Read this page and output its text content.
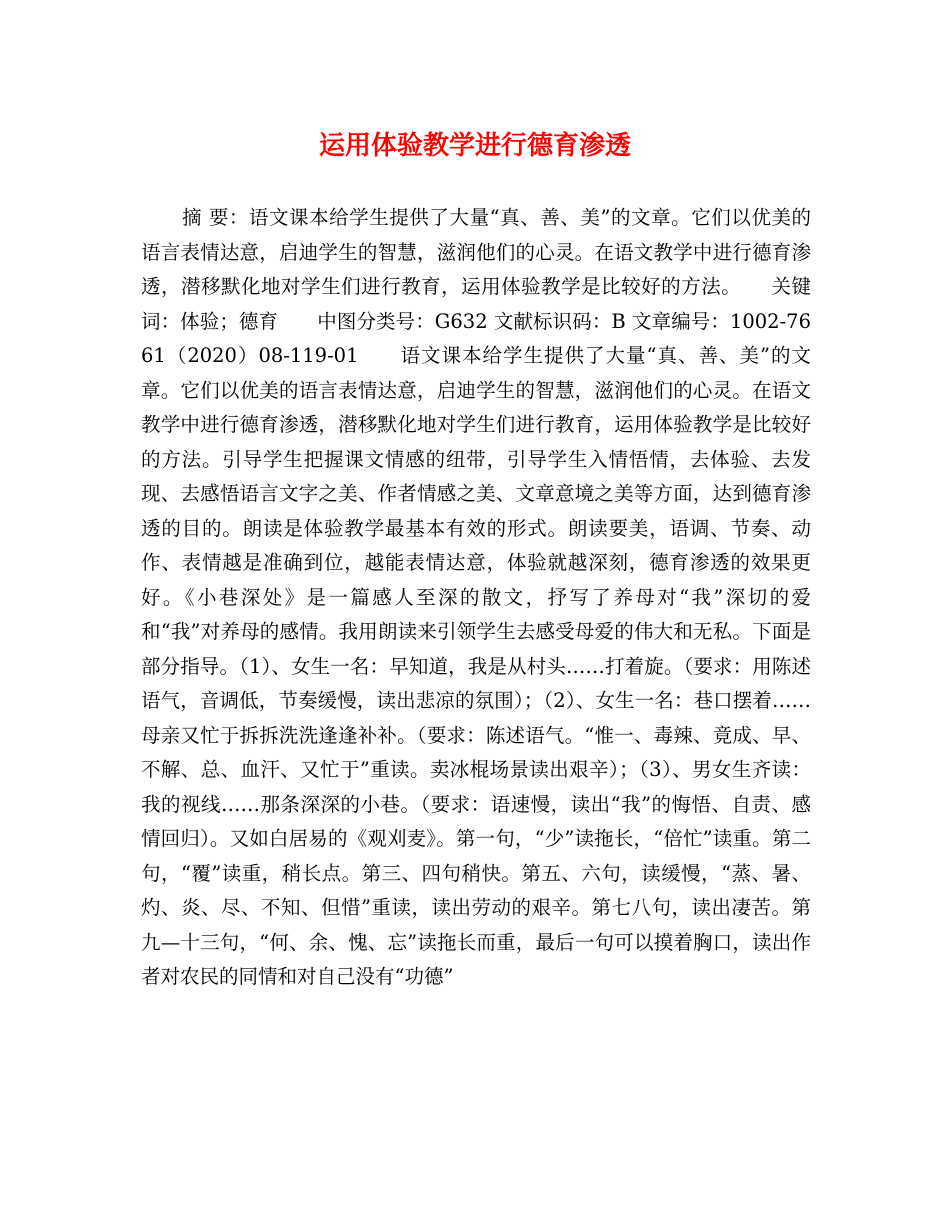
运用体验教学进行德育渗透

摘 要：语文课本给学生提供了大量“真、善、美”的文章。它们以优美的语言表情达意，启迪学生的智慧，滋润他们的心灵。在语文教学中进行德育渗透，潜移默化地对学生们进行教育，运用体验教学是比较好的方法。　　关键词：体验；德育　　中图分类号：G632 文献标识码：B 文章编号：1002-7661（2020）08-119-01　　语文课本给学生提供了大量“真、善、美”的文章。它们以优美的语言表情达意，启迪学生的智慧，滋润他们的心灵。在语文教学中进行德育渗透，潜移默化地对学生们进行教育，运用体验教学是比较好的方法。引导学生把握课文情感的纽带，引导学生入情悟情，去体验、去发现、去感悟语言文字之美、作者情感之美、文章意境之美等方面，达到德育渗透的目的。朗读是体验教学最基本有效的形式。朗读要美，语调、节奏、动作、表情越是准确到位，越能表情达意，体验就越深刻，德育渗透的效果更好。《小巷深处》是一篇感人至深的散文，抒写了养母对“我”深切的爱和“我”对养母的感情。我用朗读来引领学生去感受母爱的伟大和无私。下面是部分指导。（1）、女生一名：早知道，我是从村头……打着旋。（要求：用陈述语气，音调低，节奏缓慢，读出悲凉的氛围）；（2）、女生一名：巷口摆着……母亲又忙于拆拆洗洗逢逢补补。（要求：陈述语气。“惟一、毒辣、竟成、早、不解、总、血汗、又忙于”重读。卖冰棍场景读出艰辛）；（3）、男女生齐读：我的视线……那条深深的小巷。（要求：语速慢，读出“我”的悔悟、自责、感情回归）。又如白居易的《观刈麦》。第一句，“少”读拖长，“倍忙”读重。第二句，“覆”读重，稍长点。第三、四句稍快。第五、六句，读缓慢，“蒸、暑、灼、炎、尽、不知、但惜”重读，读出劳动的艰辛。第七八句，读出凄苦。第九—十三句，“何、余、愧、忘”读拖长而重，最后一句可以摸着胸口，读出作者对农民的同情和对自己没有“功德”
